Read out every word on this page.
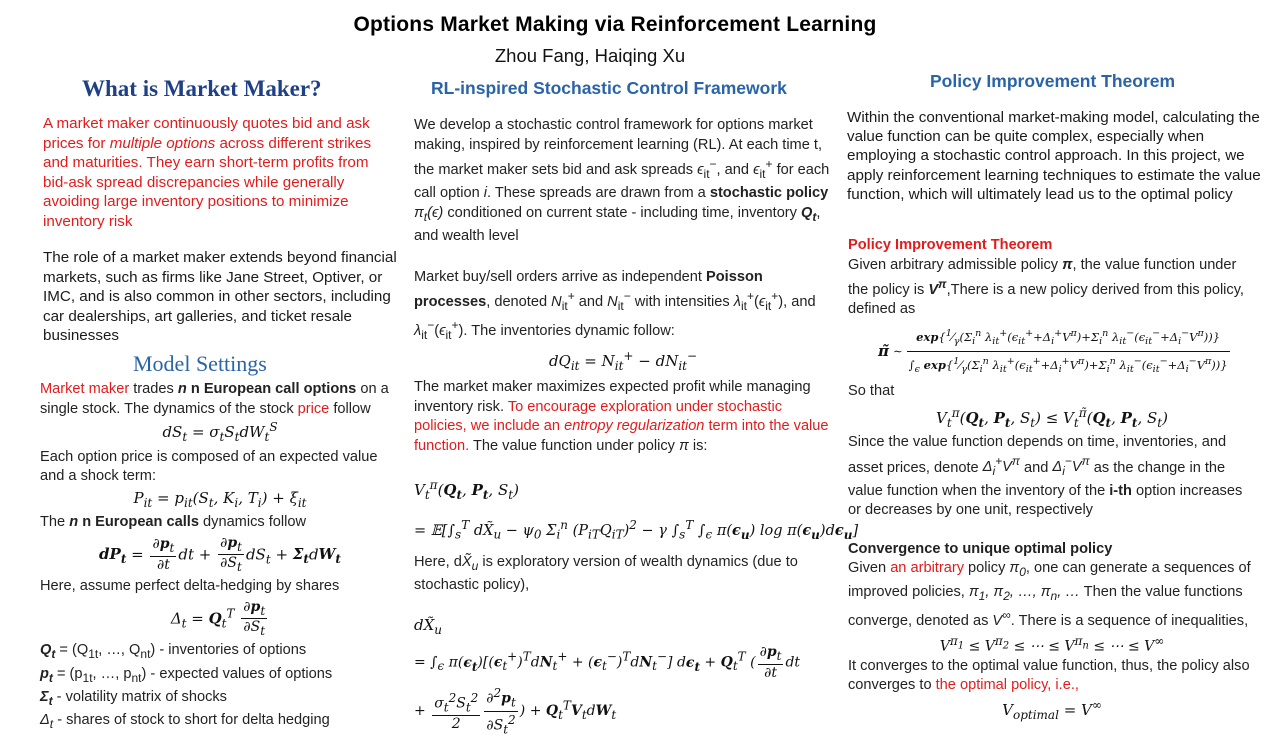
Options Market Making via Reinforcement Learning
Zhou Fang, Haiqing Xu
What is Market Maker?

A market maker continuously quotes bid and ask prices for multiple options across different strikes and maturities. They earn short-term profits from bid-ask spread discrepancies while generally avoiding large inventory positions to minimize inventory risk

The role of a market maker extends beyond financial markets, such as firms like Jane Street, Optiver, or IMC, and is also common in other sectors, including car dealerships, art galleries, and ticket resale businesses

Model Settings

Market maker trades n n European call options on a single stock. The dynamics of the stock price follow

$dS_t = \sigma_tS_tdW_t^S$

Each option price is composed of an expected value and a shock term:

$P_{it} = p_{it}(S_t$, $K_i$, $T_i) + \xi_{it}$

The n n European calls dynamics follow

$dP_t = \frac{\partial p_t}{\partial t}$ dt + $\frac{\partial p_t}{\partial S_t} dS_t + \Sigma_tdW_t$

Here, assume perfect delta-hedging by shares

$\Delta_t = Q_t^T \frac{\partial p_t}{\partial S_t}$

$Q_t = (Q_{1t}$, …, $Q_{nt}$) - inventories of options

$p_t = (p_{1t}$, …, $p_{nt}$) - expected values of options

$\Sigma_t$ - volatility matrix of shocks

$\Delta_t$ - shares of stock to short for delta hedging

RL-inspired Stochastic Control Framework

We develop a stochastic control framework for options market making, inspired by reinforcement learning (RL). At each time t, the market maker sets bid and ask spreads $\epsilon_{it}^-$, and $\epsilon_{it}^+$ for each call option i. These spreads are drawn from a stochastic policy $\pi_t(\epsilon)$ conditioned on current state - including time, inventory $Q_t$, and wealth level

Market buy/sell orders arrive as independent Poisson processes, denoted $N_{it}^+$ and $N_{it}^-$ with intensities $\lambda_{it}^+(\epsilon_{it}^+)$, and $\lambda_{it}^-(\epsilon_{it}^+)$. The inventories dynamic follow:

$dQ_{it} = N_{it}^+ - dN_{it}^-$

The market maker maximizes expected profit while managing inventory risk. To encourage exploration under stochastic policies, we include an entropy regularization term into the value function. The value function under policy π is:

$V_t^\pi(Q_t$, $P_t$, $S_t$)
= $𝔼[\int_s^T$ $dX̃_u - \psi_0$ $\Sigma_i^n$ $(P_{iT}Q_{iT})^2 - \gamma$ $\int_s^T$ $\int_\epsilon$ $\pi(\epsilon_u)$ $\log \pi(\epsilon_u)d\epsilon_u$]

Here, $dX̃_u$ is exploratory version of wealth dynamics (due to stochastic policy),

$dX̃_u$
= $\int_\epsilon$ $\pi(\epsilon_t)[(\epsilon_t^+)^TdN_t^+ + (\epsilon_t^-)^TdN_t^-] d\epsilon_t + Q_t^T$ ( $\frac{\partial p_t}{\partial t}$ dt
+ $\frac{\sigma_t^2S_t^2}{2} \frac{\partial^2p_t}{\partial S_t^2}$ ) + $Q_t^TV_tdW_t$
Policy Improvement Theorem

Within the conventional market-making model, calculating the value function can be quite complex, especially when employing a stochastic control approach. In this project, we apply reinforcement learning techniques to estimate the value function, which will ultimately lead us to the optimal policy

Policy Improvement Theorem

Given arbitrary admissible policy π, the value function under the policy is $V^\pi,There$ is a new policy derived from this policy, defined as

π̃ ∼
$\exp\{^1⁄_\gamma(\Sigma_i^n$ $\lambda_{it}^+(\epsilon_{it}^++\Delta_i^+V^\pi)+\Sigma_i^n$ $\lambda_{it}^-(\epsilon_{it}^-+\Delta_i^-V^\pi)$)}
$\int_\epsilon$ $\exp\{^1⁄_\gamma(\Sigma_i^n$ $\lambda_{it}^+(\epsilon_{it}^++\Delta_i^+V^\pi)+\Sigma_i^n$ $\lambda_{it}^-(\epsilon_{it}^-+\Delta_i^-V^\pi)$)}

So that

$V_t^\pi(Q_t$, $P_t$, $S_t) \le V_t^{\pĩ}(Q_t$, $P_t$, $S_t$)

Since the value function depends on time, inventories, and asset prices, denote $\Delta_i^+V^\pi$ and $\Delta_i^-V^\pi$ as the change in the value function when the inventory of the i-th option increases or decreases by one unit, respectively

Convergence to unique optimal policy

Given an arbitrary policy $\pi_0$, one can generate a sequences of improved policies, $\pi_1$, $\pi_2$, …, $\pi_n$, … Then the value functions converge, denoted as V∞. There is a sequence of inequalities,

$V^{\pi_1} \le V^{\pi_2}$ ≤ ⋯ ≤ $V^{\pi_n}$ ≤ ⋯ ≤ V∞

It converges to the optimal value function, thus, the policy also converges to the optimal policy, i.e.,

$V_{optimal} = V^\infty$
